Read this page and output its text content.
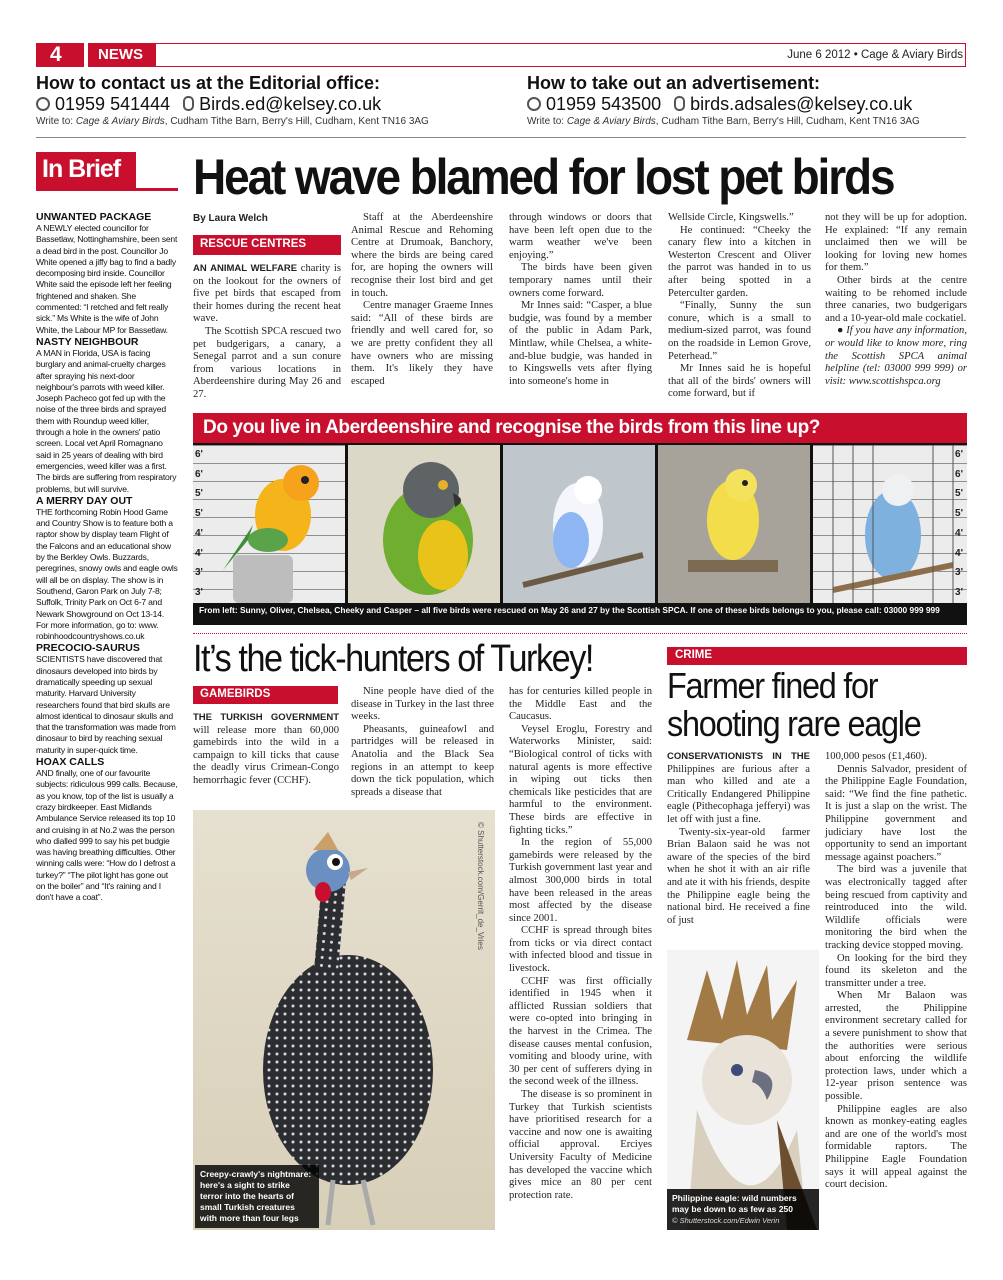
4 NEWS	June 6 2012 • Cage & Aviary Birds
How to contact us at the Editorial office:
01959 541444 Birds.ed@kelsey.co.uk
Write to: Cage & Aviary Birds, Cudham Tithe Barn, Berry's Hill, Cudham, Kent TN16 3AG
How to take out an advertisement:
01959 543500 birds.adsales@kelsey.co.uk
Write to: Cage & Aviary Birds, Cudham Tithe Barn, Berry's Hill, Cudham, Kent TN16 3AG
In Brief
UNWANTED PACKAGE

A NEWLY elected councillor for Bassetlaw, Nottinghamshire, been sent a dead bird in the post. Councillor Jo White opened a jiffy bag to find a badly decomposing bird inside. Councillor White said the episode left her feeling frightened and shaken. She commented: “I retched and felt really sick.” Ms White is the wife of John White, the Labour MP for Bassetlaw.

NASTY NEIGHBOUR

A MAN in Florida, USA is facing burglary and animal-cruelty charges after spraying his next-door neighbour's parrots with weed killer. Joseph Pacheco got fed up with the noise of the three birds and sprayed them with Roundup weed killer, through a hole in the owners' patio screen. Local vet April Romagnano said in 25 years of dealing with bird emergencies, weed killer was a first. The birds are suffering from respiratory problems, but will survive.

A MERRY DAY OUT

THE forthcoming Robin Hood Game and Country Show is to feature both a raptor show by display team Flight of the Falcons and an educational show by the Berkley Owls. Buzzards, peregrines, snowy owls and eagle owls will all be on display. The show is in Southend, Garon Park on July 7-8; Suffolk, Trinity Park on Oct 6-7 and Newark Showground on Oct 13-14. For more information, go to: www. robinhoodcountryshows.co.uk

PRECOCIO-SAURUS

SCIENTISTS have discovered that dinosaurs developed into birds by dramatically speeding up sexual maturity. Harvard University researchers found that bird skulls are almost identical to dinosaur skulls and that the transformation was made from dinosaur to bird by reaching sexual maturity in super-quick time.

HOAX CALLS

AND finally, one of our favourite subjects: ridiculous 999 calls. Because, as you know, top of the list is usually a crazy birdkeeper. East Midlands Ambulance Service released its top 10 and cruising in at No.2 was the person who dialled 999 to say his pet budgie was having breathing difficulties. Other winning calls were: “How do I defrost a turkey?” “The pilot light has gone out on the boiler” and “It's raining and I don't have a coat”.

Heat wave blamed for lost pet birds
By Laura Welch
RESCUE CENTRES

AN ANIMAL WELFARE charity is on the lookout for the owners of five pet birds that escaped from their homes during the recent heat wave.

The Scottish SPCA rescued two pet budgerigars, a canary, a Senegal parrot and a sun conure from various locations in Aberdeenshire during May 26 and 27.

Staff at the Aberdeenshire Animal Rescue and Rehoming Centre at Drumoak, Banchory, where the birds are being cared for, are hoping the owners will recognise their lost bird and get in touch.

Centre manager Graeme Innes said: “All of these birds are friendly and well cared for, so we are pretty confident they all have owners who are missing them. It's likely they have escaped

through windows or doors that have been left open due to the warm weather we've been enjoying.”

The birds have been given temporary names until their owners come forward.

Mr Innes said: “Casper, a blue budgie, was found by a member of the public in Adam Park, Mintlaw, while Chelsea, a white-and-blue budgie, was handed in to Kingswells vets after flying into someone's home in

Wellside Circle, Kingswells.”

He continued: “Cheeky the canary flew into a kitchen in Westerton Crescent and Oliver the parrot was handed in to us after being spotted in a Peterculter garden.

“Finally, Sunny the sun conure, which is a small to medium-sized parrot, was found on the roadside in Lemon Grove, Peterhead.”

Mr Innes said he is hopeful that all of the birds' owners will come forward, but if

not they will be up for adoption. He explained: “If any remain unclaimed then we will be looking for loving new homes for them.”

Other birds at the centre waiting to be rehomed include three canaries, two budgerigars and a 10-year-old male cockatiel.

● If you have any information, or would like to know more, ring the Scottish SPCA animal helpline (tel: 03000 999 999) or visit: www.scottishspca.org

Do you live in Aberdeenshire and recognise the birds from this line up?
6'
6'
5'
5'
4'
4'
3'
3'
6'
6'
5'
5'
4'
4'
3'
3'
From left: Sunny, Oliver, Chelsea, Cheeky and Casper – all five birds were rescued on May 26 and 27 by the Scottish SPCA. If one of these birds belongs to you, please call: 03000 999 999
It’s the tick-hunters of Turkey!
GAMEBIRDS

THE TURKISH GOVERNMENT will release more than 60,000 gamebirds into the wild in a campaign to kill ticks that cause the deadly virus Crimean-Congo hemorrhagic fever (CCHF).

Nine people have died of the disease in Turkey in the last three weeks.

Pheasants, guineafowl and partridges will be released in Anatolia and the Black Sea regions in an attempt to keep down the tick population, which spreads a disease that

has for centuries killed people in the Middle East and the Caucasus.

Veysel Eroglu, Forestry and Waterworks Minister, said: “Biological control of ticks with natural agents is more effective in wiping out ticks then chemicals like pesticides that are harmful to the environment. These birds are effective in fighting ticks.”

In the region of 55,000 gamebirds were released by the Turkish government last year and almost 300,000 birds in total have been released in the areas most affected by the disease since 2001.

CCHF is spread through bites from ticks or via direct contact with infected blood and tissue in livestock.

CCHF was first officially identified in 1945 when it afflicted Russian soldiers that were co-opted into bringing in the harvest in the Crimea. The disease causes mental confusion, vomiting and bloody urine, with 30 per cent of sufferers dying in the second week of the illness.

The disease is so prominent in Turkey that Turkish scientists have prioritised research for a vaccine and now one is awaiting official approval. Erciyes University Faculty of Medicine has developed the vaccine which gives mice an 80 per cent protection rate.

© Shutterstock.com/Gerrit_de_Vries
Creepy-crawly's nightmare: here's a sight to strike terror into the hearts of small Turkish creatures with more than four legs
CRIME
Farmer fined for shooting rare eagle

CONSERVATIONISTS IN THE Philippines are furious after a man who killed and ate a Critically Endangered Philippine eagle (Pithecophaga jefferyi) was let off with just a fine.

Twenty-six-year-old farmer Brian Balaon said he was not aware of the species of the bird when he shot it with an air rifle and ate it with his friends, despite the Philippine eagle being the national bird. He received a fine of just

100,000 pesos (£1,460).

Dennis Salvador, president of the Philippine Eagle Foundation, said: “We find the fine pathetic. It is just a slap on the wrist. The Philippine government and judiciary have lost the opportunity to send an important message against poachers.”

The bird was a juvenile that was electronically tagged after being rescued from captivity and reintroduced into the wild. Wildlife officials were monitoring the bird when the tracking device stopped moving.

On looking for the bird they found its skeleton and the transmitter under a tree.

When Mr Balaon was arrested, the Philippine environment secretary called for a severe punishment to show that the authorities were serious about enforcing the wildlife protection laws, under which a 12-year prison sentence was possible.

Philippine eagles are also known as monkey-eating eagles and are one of the world's most formidable raptors. The Philippine Eagle Foundation says it will appeal against the court decision.

Philippine eagle: wild numbers may be down to as few as 250
© Shutterstock.com/Edwin Verin
